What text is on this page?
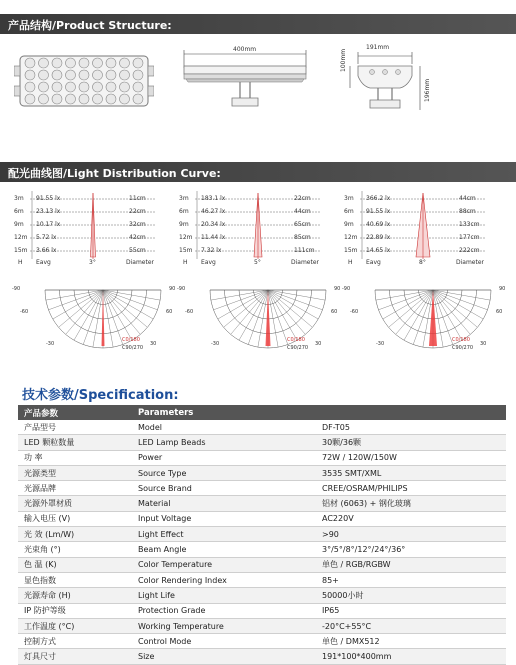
产品结构/Product Structure:
400mm	191mm
100mm
196mm
配光曲线图/Light Distribution Curve:
3m 91.55 lx	11cm
6m 23.13 lx	22cm
9m 10.17 lx	32cm
12m 5.72 lx	42cm
15m 3.66 lx	55cm
H Eavg	3°	Diameter
-90	90
-60	60
-30	30
C0/180
C90/270
3m 183.1 lx	22cm
6m 46.27 lx	44cm
9m 20.34 lx	65cm
12m 11.44 lx	85cm
15m 7.32 lx	111cm
H Eavg	5°	Diameter
-90	90
-60	60
-30	30
C0/180
C90/270
3m 366.2 lx	44cm
6m 91.55 lx	88cm
9m 40.69 lx	133cm
12m 22.89 lx	177cm
15m 14.65 lx	222cm
H Eavg	8°	Diameter
-90	90
-60	60
-30	30
C0/180
C90/270
技术参数/Specification:
产品参数	Parameters	
产品型号	Model	DF-T05
LED 颗粒数量	LED Lamp Beads	30颗/36颗
功 率	Power	72W / 120W/150W
光源类型	Source Type	3535 SMT/XML
光源品牌	Source Brand	CREE/OSRAM/PHILIPS
光源外罩材质	Material	铝材 (6063) + 钢化玻璃
输入电压 (V)	Input Voltage	AC220V
光 效 (Lm/W)	Light Effect	>90
光束角 (°)	Beam Angle	3°/5°/8°/12°/24°/36°
色 温 (K)	Color Temperature	单色 / RGB/RGBW
显色指数	Color Rendering Index	85+
光源寿命 (H)	Light Life	50000小时
IP 防护等级	Protection Grade	IP65
工作温度 (°C)	Working Temperature	-20°C+55°C
控制方式	Control Mode	单色 / DMX512
灯具尺寸	Size	191*100*400mm
